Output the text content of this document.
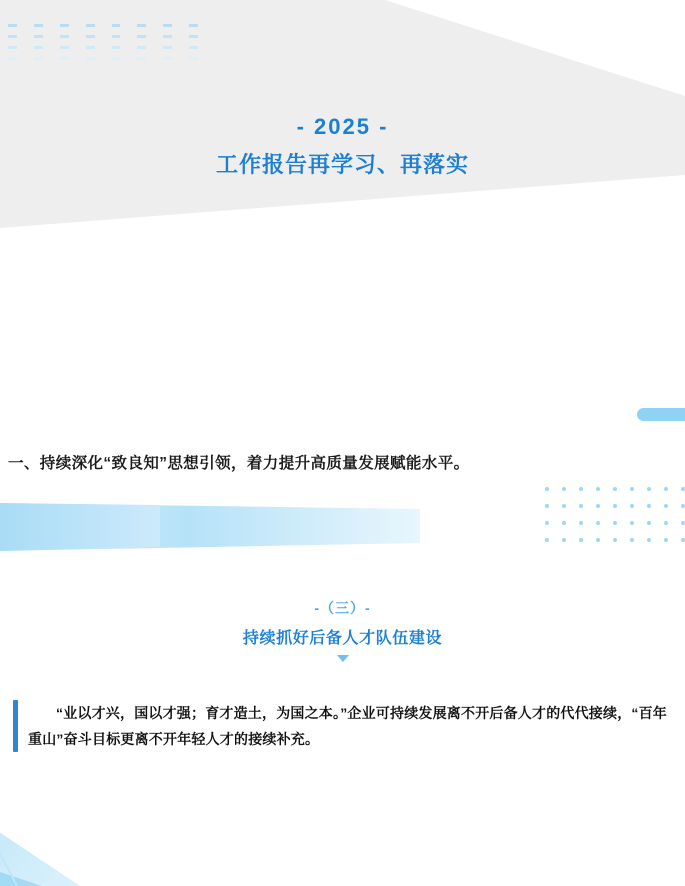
- 2025 -
工作报告再学习、再落实
一、持续深化“致良知”思想引领，着力提升高质量发展赋能水平。
-（三）-
持续抓好后备人才队伍建设
“业以才兴，国以才强；育才造土，为国之本。”企业可持续发展离不开后备人才的代代接续，“百年重山”奋斗目标更离不开年轻人才的接续补充。
